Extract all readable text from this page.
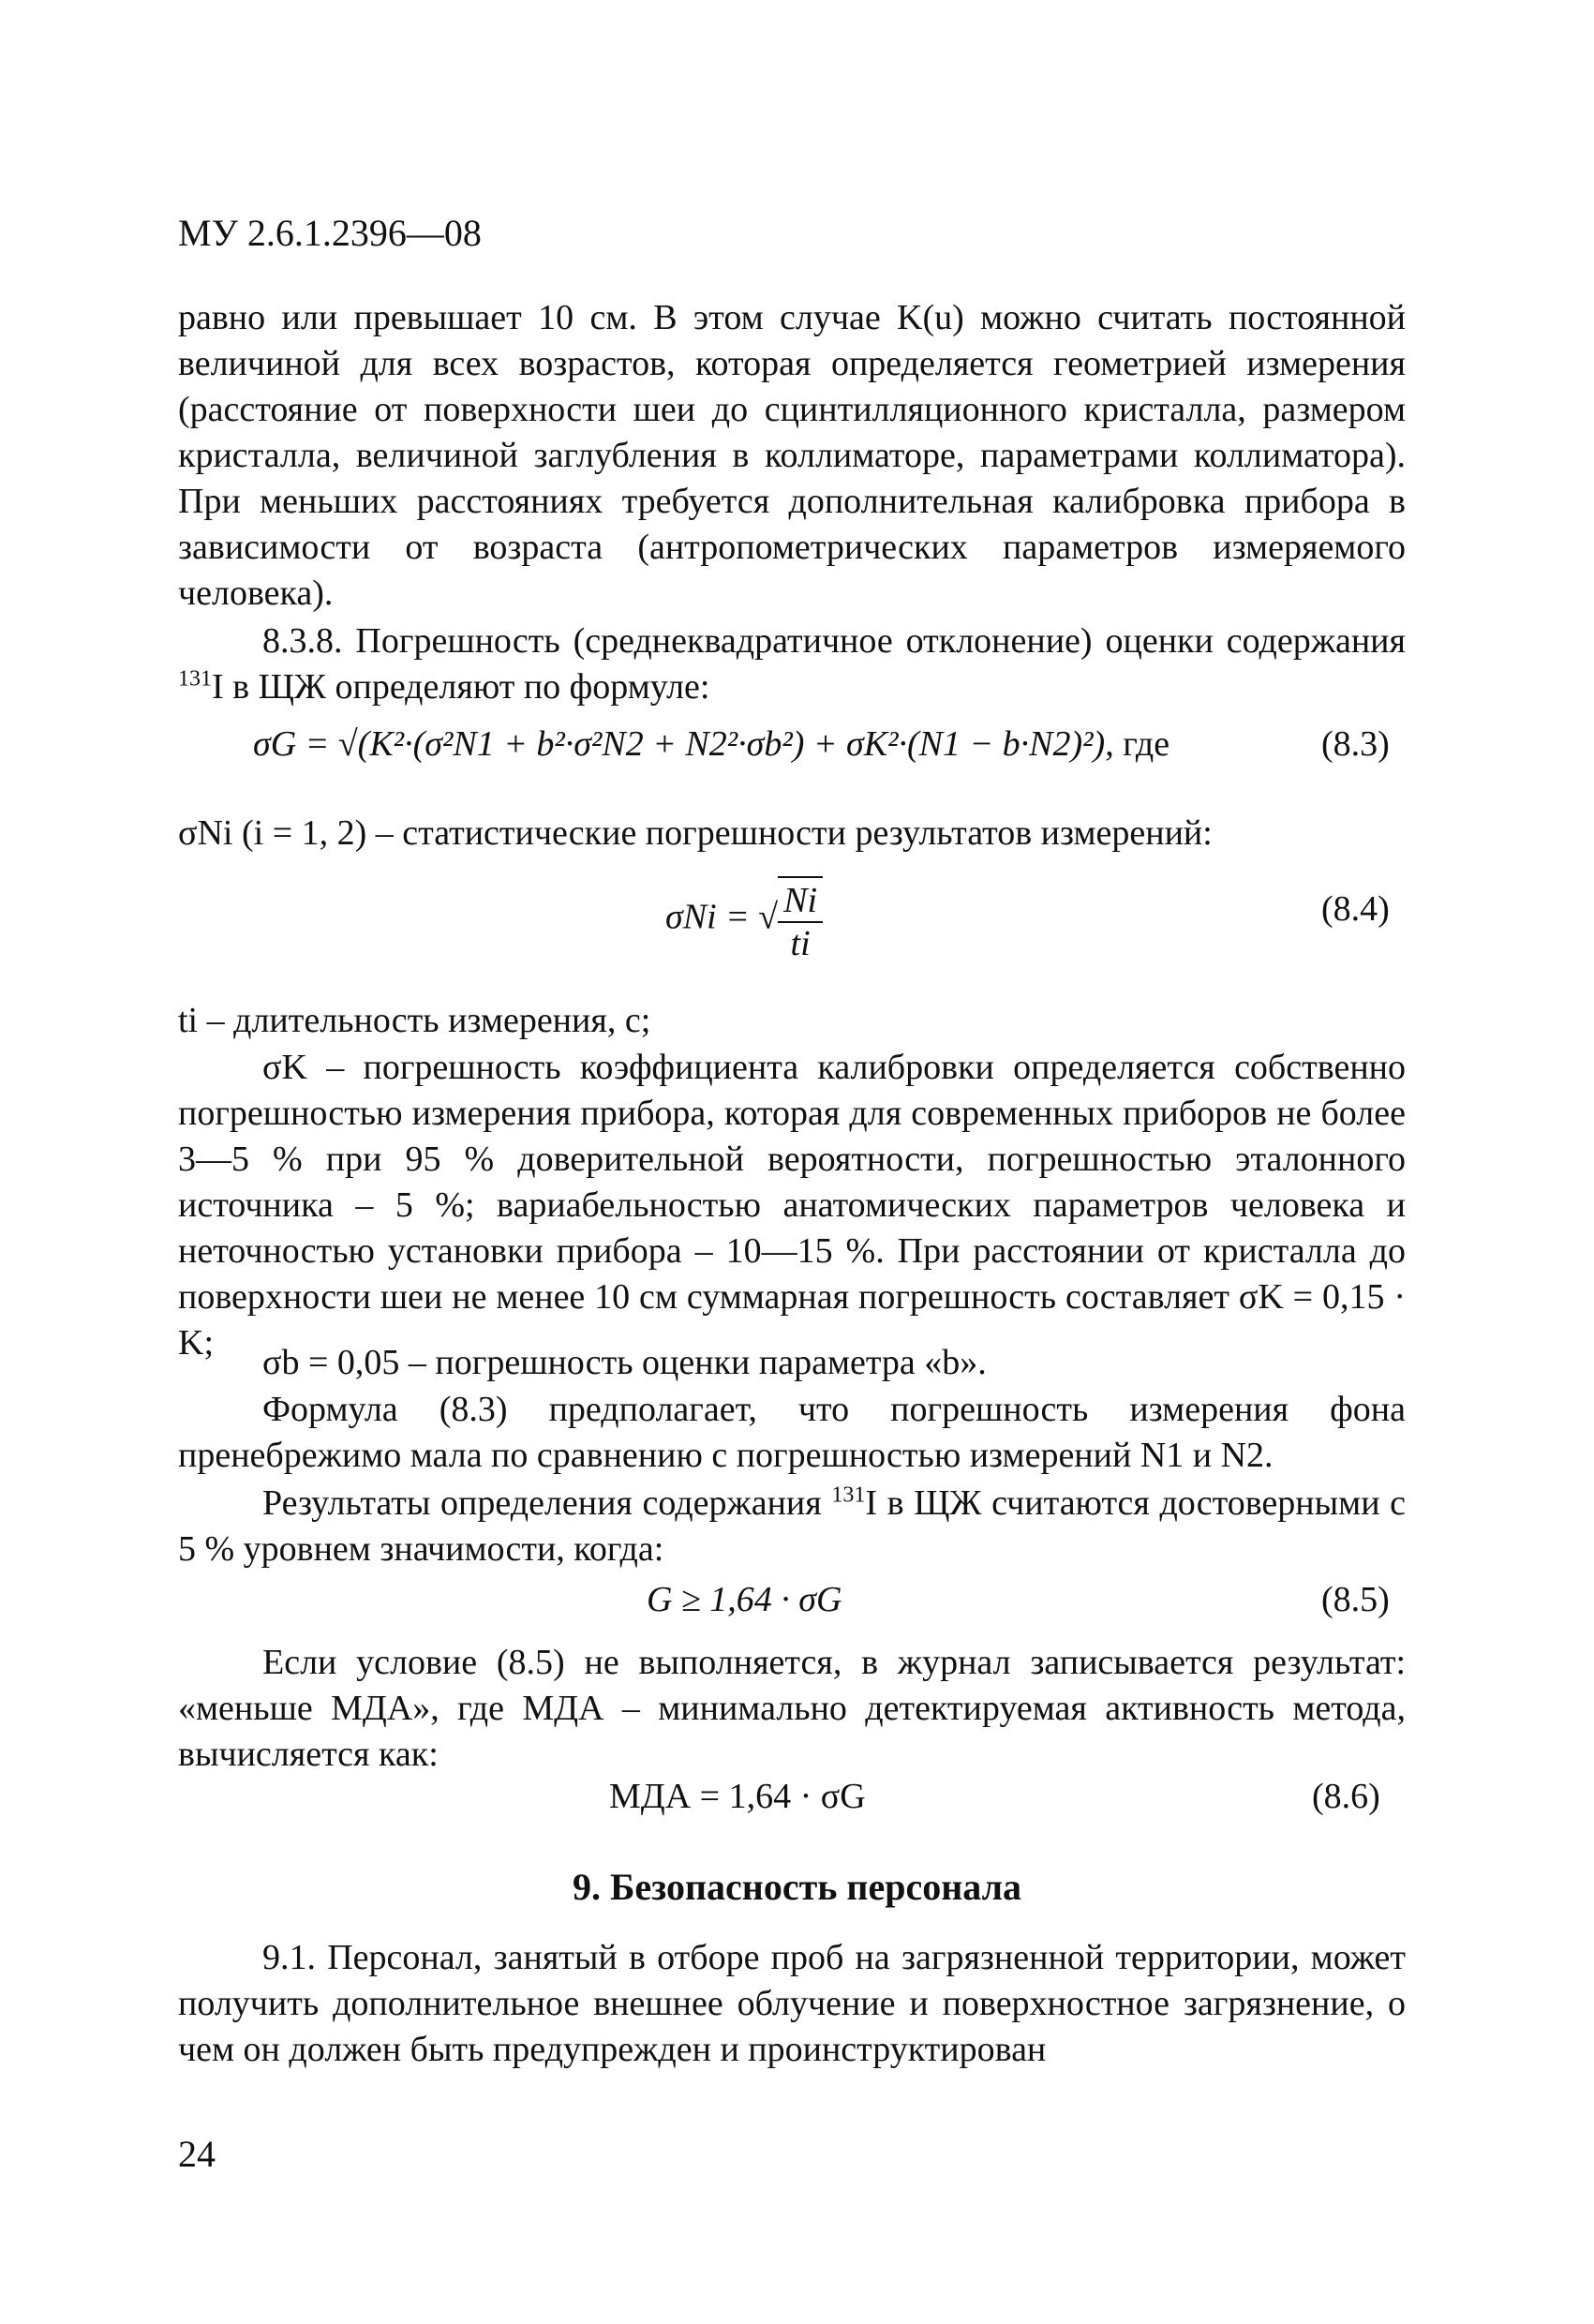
МУ 2.6.1.2396—08
равно или превышает 10 см. В этом случае K(u) можно считать постоянной величиной для всех возрастов, которая определяется геометрией измерения (расстояние от поверхности шеи до сцинтилляционного кристалла, размером кристалла, величиной заглубления в коллиматоре, параметрами коллиматора). При меньших расстояниях требуется дополнительная калибровка прибора в зависимости от возраста (антропометрических параметров измеряемого человека).
8.3.8. Погрешность (среднеквадратичное отклонение) оценки содержания $^{131}$I в ЩЖ определяют по формуле:
σG = √(K²·(σ²N1 + b²·σ²N2 + N2²·σb²) + σK²·(N1 − b·N2)²), где	(8.3)
σNi (i = 1, 2) – статистические погрешности результатов измерений:
σNi = √ $\frac{Ni}{ti}$	(8.4)
ti – длительность измерения, с;
σK – погрешность коэффициента калибровки определяется собственно погрешностью измерения прибора, которая для современных приборов не более 3—5 % при 95 % доверительной вероятности, погрешностью эталонного источника – 5 %; вариабельностью анатомических параметров человека и неточностью установки прибора – 10—15 %. При расстоянии от кристалла до поверхности шеи не менее 10 см суммарная погрешность составляет σK = 0,15 · K;	σb = 0,05 – погрешность оценки параметра «b».
Формула (8.3) предполагает, что погрешность измерения фона пренебрежимо мала по сравнению с погрешностью измерений N1 и N2.
Результаты определения содержания $^{131}$I в ЩЖ считаются достоверными с 5 % уровнем значимости, когда:
G ≥ 1,64 · σG	(8.5)
Если условие (8.5) не выполняется, в журнал записывается результат: «меньше МДА», где МДА – минимально детектируемая активность метода, вычисляется как:
МДА = 1,64 · σG	(8.6)
9. Безопасность персонала
9.1. Персонал, занятый в отборе проб на загрязненной территории, может получить дополнительное внешнее облучение и поверхностное загрязнение, о чем он должен быть предупрежден и проинструктирован
24
